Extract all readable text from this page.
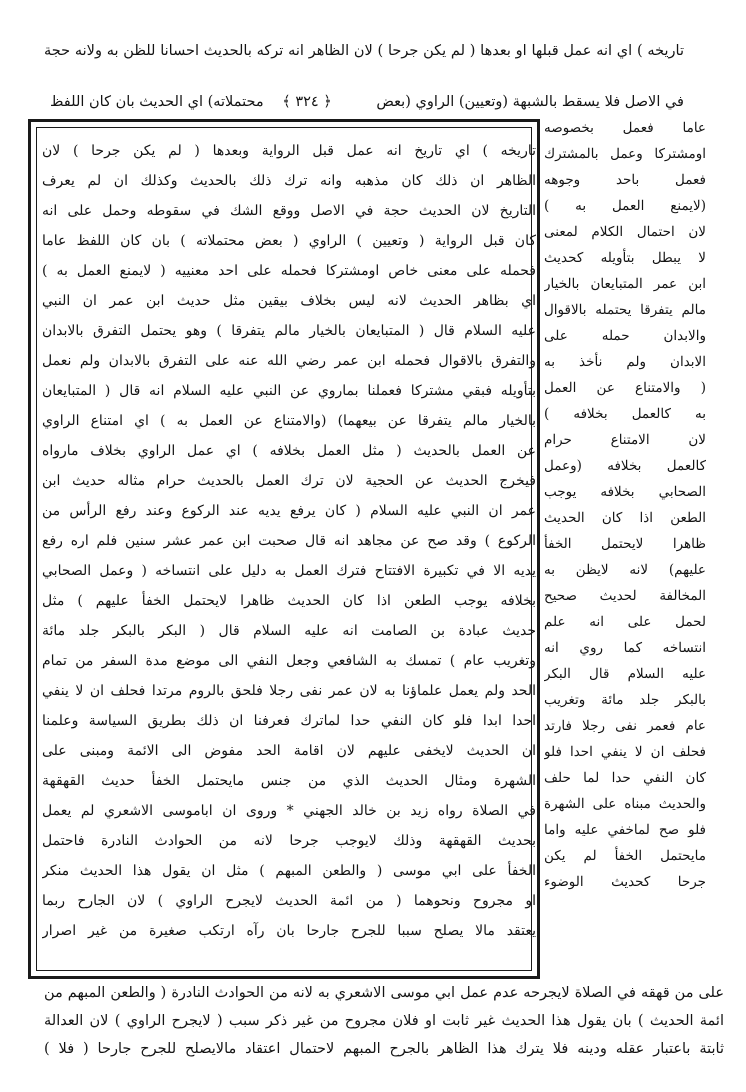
تاريخه ) اي انه عمل قبلها او بعدها ( لم يكن جرحا ) لان الظاهر انه تركه بالحديث احسانا للظن به ولانه حجة
في الاصل فلا يسقط بالشبهة (وتعيين) الراوي (بعض ﴿ ٣٢٤ ﴾ محتملاته) اي الحديث بان كان اللفظ
عاما فعمل بخصوصه
اومشتركا وعمل بالمشترك
فعمل باحد وجوهه
(لايمنع العمل به )
لان احتمال الكلام لمعنى
لا يبطل بتأويله كحديث
ابن عمر المتبايعان بالخيار
مالم يتفرقا يحتمله بالاقوال
والابدان حمله على
الابدان ولم نأخذ به
( والامتناع عن العمل
به كالعمل بخلافه )
لان الامتناع حرام
كالعمل بخلافه (وعمل
الصحابي بخلافه يوجب
الطعن اذا كان الحديث
ظاهرا لايحتمل الخفأ
عليهم) لانه لايظن به
المخالفة لحديث صحيح
لحمل على انه علم
انتساخه كما روي انه
عليه السلام قال البكر
بالبكر جلد مائة وتغريب
عام فعمر نفى رجلا فارتد
فحلف ان لا ينفي احدا فلو
كان النفي حدا لما حلف
والحديث مبناه على الشهرة
فلو صح لماخفي عليه واما
مايحتمل الخفأ لم يكن
جرحا كحديث الوضوء
تاريخه ) اي تاريخ انه عمل قبل الرواية وبعدها ( لم يكن جرحا ) لان
الظاهر ان ذلك كان مذهبه وانه ترك ذلك بالحديث وكذلك ان لم يعرف
التاريخ لان الحديث حجة في الاصل ووقع الشك في سقوطه وحمل على انه
كان قبل الرواية ( وتعيين ) الراوي ( بعض محتملاته ) بان كان اللفظ عاما
فحمله على معنى خاص اومشتركا فحمله على احد معنييه ( لايمنع العمل به )
اي بظاهر الحديث لانه ليس بخلاف بيقين مثل حديث ابن عمر ان النبي
عليه السلام قال ( المتبايعان بالخيار مالم يتفرقا ) وهو يحتمل التفرق بالابدان
والتفرق بالاقوال فحمله ابن عمر رضي الله عنه على التفرق بالابدان ولم نعمل
بتأويله فبقي مشتركا فعملنا بماروي عن النبي عليه السلام انه قال ( المتبايعان
بالخيار مالم يتفرقا عن بيعهما) (والامتناع عن العمل به ) اي امتناع الراوي
عن العمل بالحديث ( مثل العمل بخلافه ) اي عمل الراوي بخلاف مارواه
فيخرج الحديث عن الحجية لان ترك العمل بالحديث حرام مثاله حديث ابن
عمر ان النبي عليه السلام ( كان يرفع يديه عند الركوع وعند رفع الرأس من
الركوع ) وقد صح عن مجاهد انه قال صحبت ابن عمر عشر سنين فلم اره رفع
يديه الا في تكبيرة الافتتاح فترك العمل به دليل على انتساخه ( وعمل الصحابي
بخلافه يوجب الطعن اذا كان الحديث ظاهرا لايحتمل الخفأ عليهم ) مثل
حديث عبادة بن الصامت انه عليه السلام قال ( البكر بالبكر جلد مائة
وتغريب عام ) تمسك به الشافعي وجعل النفي الى موضع مدة السفر من تمام
الحد ولم يعمل علماؤنا به لان عمر نفى رجلا فلحق بالروم مرتدا فحلف ان لا ينفي
احدا ابدا فلو كان النفي حدا لماترك فعرفنا ان ذلك بطريق السياسة وعلمنا
ان الحديث لايخفى عليهم لان اقامة الحد مفوض الى الائمة ومبنى على
الشهرة ومثال الحديث الذي من جنس مايحتمل الخفأ حديث القهقهة
في الصلاة رواه زيد بن خالد الجهني * وروى ان اباموسى الاشعري لم يعمل
بحديث القهقهة وذلك لايوجب جرحا لانه من الحوادث النادرة فاحتمل
الخفأ على ابي موسى ( والطعن المبهم ) مثل ان يقول هذا الحديث منكر
او مجروح ونحوهما ( من ائمة الحديث لايجرح الراوي ) لان الجارح ربما
يعتقد مالا يصلح سببا للجرح جارحا بان رآه ارتكب صغيرة من غير اصرار
على من قهقه في الصلاة لايجرحه عدم عمل ابي موسى الاشعري به لانه من الحوادث النادرة ( والطعن المبهم من
ائمة الحديث ) بان يقول هذا الحديث غير ثابت او فلان مجروح من غير ذكر سبب ( لايجرح الراوي ) لان العدالة
ثابتة باعتبار عقله ودينه فلا يترك هذا الظاهر بالجرح المبهم لاحتمال اعتقاد مالايصلح للجرح جارحا ( فلا )
